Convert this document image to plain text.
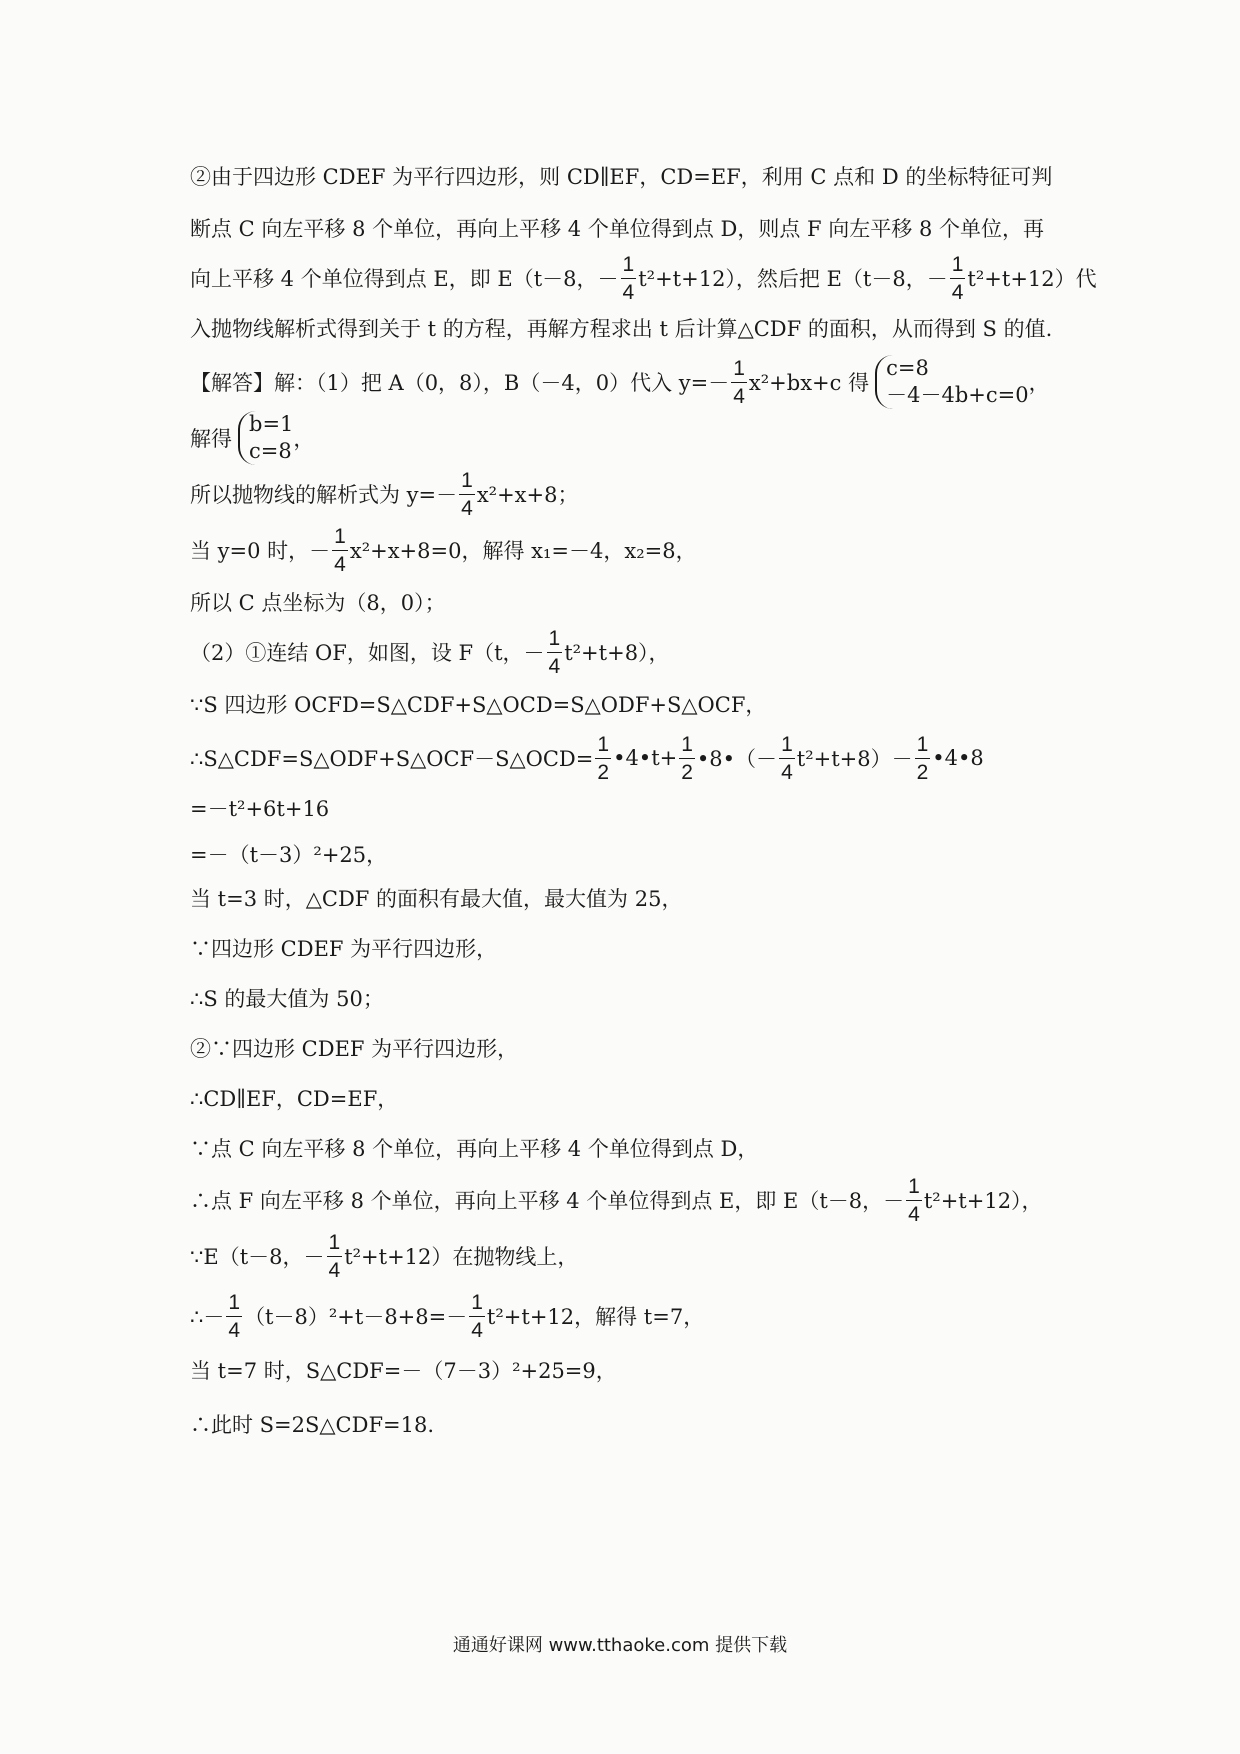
②由于四边形 CDEF 为平行四边形，则 CD∥EF，CD=EF，利用 C 点和 D 的坐标特征可判
断点 C 向左平移 8 个单位，再向上平移 4 个单位得到点 D，则点 F 向左平移 8 个单位，再
向上平移 4 个单位得到点 E，即 E（t－8，－ $\frac{1}{4} t^2+t+12$），然后把 E（t－8，－ $\frac{1}{4} t^2+t+12$）代
入抛物线解析式得到关于 t 的方程，再解方程求出 t 后计算△CDF 的面积，从而得到 S 的值.
【解答】解：（1）把 A（0，8），B（－4，0）代入 $y=- \frac{1}{4} x^2+bx+c$ 得
c=8
－4－4b+c=0 ，
解得
b=1
c=8 ，
所以抛物线的解析式为 $y=- \frac{1}{4} x^2+x+8$；
当 y=0 时，－ $\frac{1}{4} x^2+x+8=0$，解得 x₁=－4，x₂=8，
所以 C 点坐标为（8，0）；
（2）①连结 OF，如图，设 F（t，－ $\frac{1}{4} t^2+t+8$），
∵S 四边形 OCFD=S△CDF+S△OCD=S△ODF+S△OCF，
∴S△CDF=S△ODF+S△OCF－S△OCD= $\frac{1}{2}$ •4•t+ $\frac{1}{2}$ •8•（－ $\frac{1}{4} t^2+t+8)- \frac{1}{2}$ •4•8
=－t²+6t+16
=－（t－3）²+25，
当 t=3 时，△CDF 的面积有最大值，最大值为 25，
∵四边形 CDEF 为平行四边形，
∴S 的最大值为 50；
②∵四边形 CDEF 为平行四边形，
∴CD∥EF，CD=EF，
∵点 C 向左平移 8 个单位，再向上平移 4 个单位得到点 D，
∴点 F 向左平移 8 个单位，再向上平移 4 个单位得到点 E，即 E（t－8，－ $\frac{1}{4} t^2+t+12$），
∵E（t－8，－ $\frac{1}{4} t^2+t+12$）在抛物线上，
∴－ $\frac{1}{4} (t-8)^2+t-8+8=- \frac{1}{4} t^2+t+12$，解得 t=7，
当 t=7 时，S△CDF=－（7－3）²+25=9，
∴此时 S=2S△CDF=18.
通通好课网 www.tthaoke.com 提供下载
